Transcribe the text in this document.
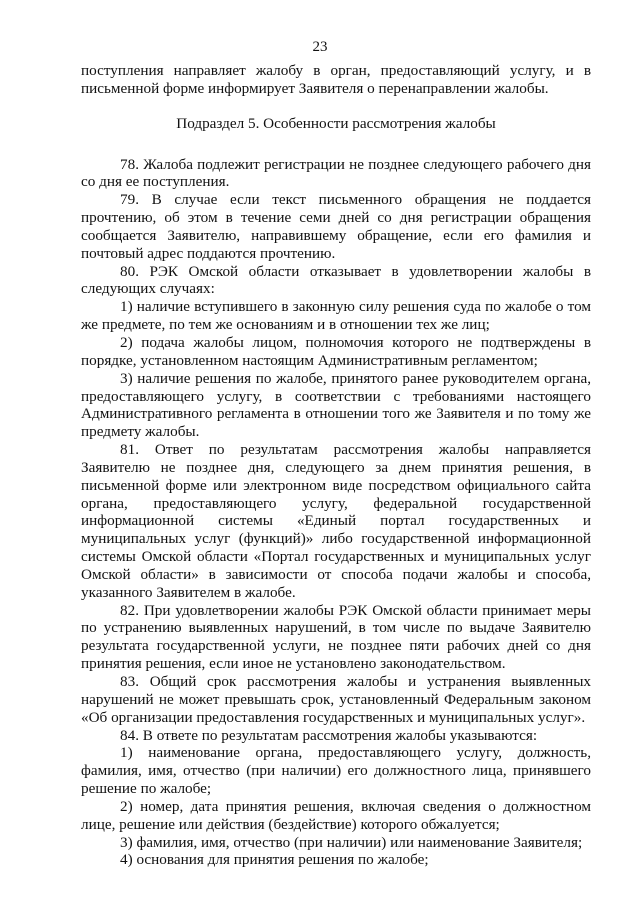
23

поступления направляет жалобу в орган, предоставляющий услугу, и в письменной форме информирует Заявителя о перенаправлении жалобы.

Подраздел 5. Особенности рассмотрения жалобы

78. Жалоба подлежит регистрации не позднее следующего рабочего дня со дня ее поступления.

79. В случае если текст письменного обращения не поддается прочтению, об этом в течение семи дней со дня регистрации обращения сообщается Заявителю, направившему обращение, если его фамилия и почтовый адрес поддаются прочтению.

80. РЭК Омской области отказывает в удовлетворении жалобы в следующих случаях:

1) наличие вступившего в законную силу решения суда по жалобе о том же предмете, по тем же основаниям и в отношении тех же лиц;

2) подача жалобы лицом, полномочия которого не подтверждены в порядке, установленном настоящим Административным регламентом;

3) наличие решения по жалобе, принятого ранее руководителем органа, предоставляющего услугу, в соответствии с требованиями настоящего Административного регламента в отношении того же Заявителя и по тому же предмету жалобы.

81. Ответ по результатам рассмотрения жалобы направляется Заявителю не позднее дня, следующего за днем принятия решения, в письменной форме или электронном виде посредством официального сайта органа, предоставляющего услугу, федеральной государственной информационной системы «Единый портал государственных и муниципальных услуг (функций)» либо государственной информационной системы Омской области «Портал государственных и муниципальных услуг Омской области» в зависимости от способа подачи жалобы и способа, указанного Заявителем в жалобе.

82. При удовлетворении жалобы РЭК Омской области принимает меры по устранению выявленных нарушений, в том числе по выдаче Заявителю результата государственной услуги, не позднее пяти рабочих дней со дня принятия решения, если иное не установлено законодательством.

83. Общий срок рассмотрения жалобы и устранения выявленных нарушений не может превышать срок, установленный Федеральным законом «Об организации предоставления государственных и муниципальных услуг».

84. В ответе по результатам рассмотрения жалобы указываются:

1) наименование органа, предоставляющего услугу, должность, фамилия, имя, отчество (при наличии) его должностного лица, принявшего решение по жалобе;

2) номер, дата принятия решения, включая сведения о должностном лице, решение или действия (бездействие) которого обжалуется;

3) фамилия, имя, отчество (при наличии) или наименование Заявителя;

4) основания для принятия решения по жалобе;
